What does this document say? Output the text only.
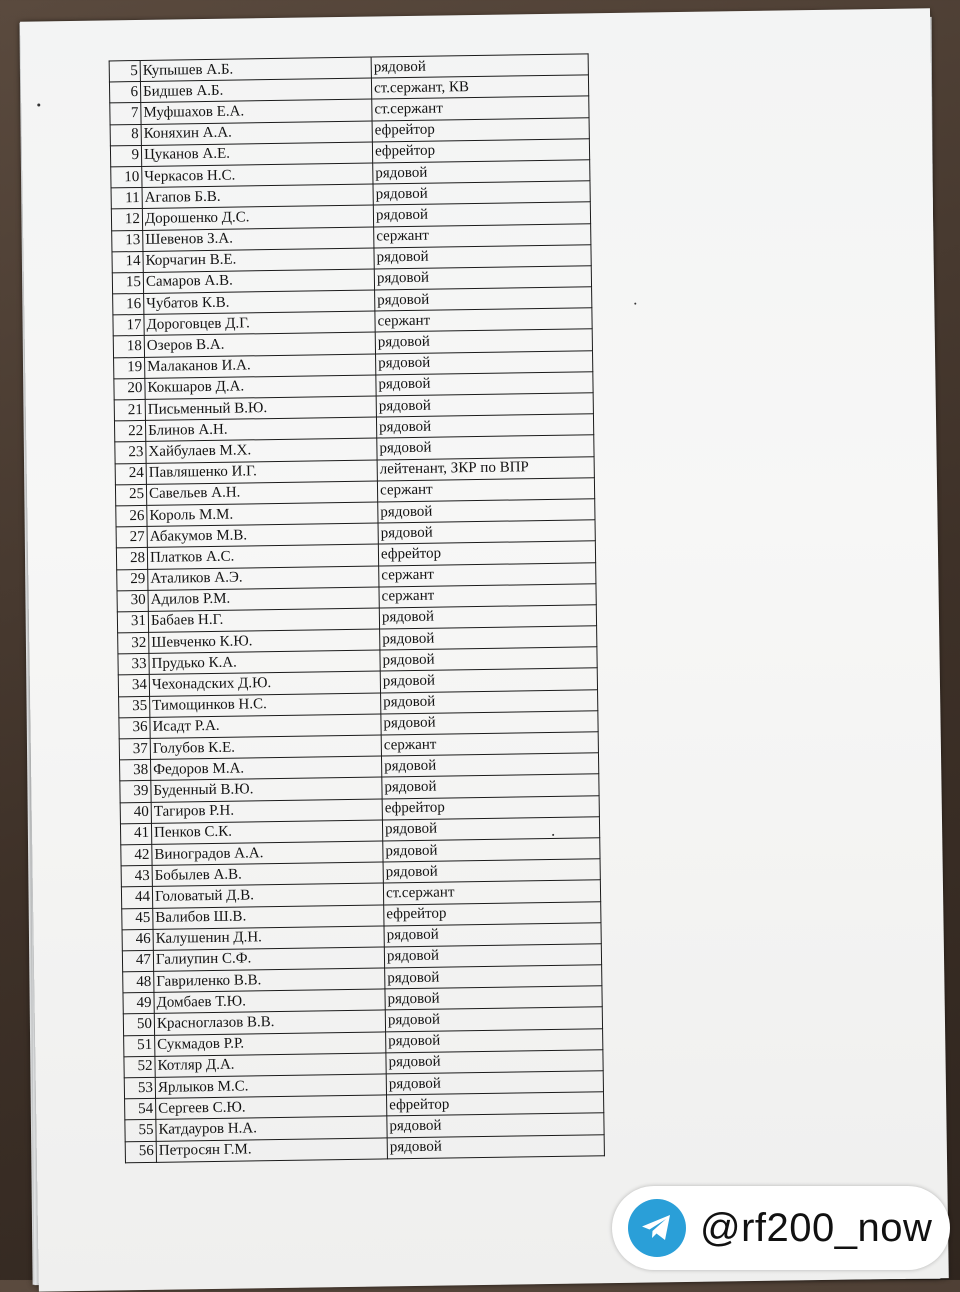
5	Купышев А.Б.	рядовой
6	Бидшев А.Б.	ст.сержант, КВ
7	Муфшахов Е.А.	ст.сержант
8	Коняхин А.А.	ефрейтор
9	Цуканов А.Е.	ефрейтор
10	Черкасов Н.С.	рядовой
11	Агапов Б.В.	рядовой
12	Дорошенко Д.С.	рядовой
13	Шевенов З.А.	сержант
14	Корчагин В.Е.	рядовой
15	Самаров А.В.	рядовой
16	Чубатов К.В.	рядовой
17	Дороговцев Д.Г.	сержант
18	Озеров В.А.	рядовой
19	Малаканов И.А.	рядовой
20	Кокшаров Д.А.	рядовой
21	Письменный В.Ю.	рядовой
22	Блинов А.Н.	рядовой
23	Хайбулаев М.Х.	рядовой
24	Павляшенко И.Г.	лейтенант, ЗКР по ВПР
25	Савельев А.Н.	сержант
26	Король М.М.	рядовой
27	Абакумов М.В.	рядовой
28	Платков А.С.	ефрейтор
29	Аталиков А.Э.	сержант
30	Адилов Р.М.	сержант
31	Бабаев Н.Г.	рядовой
32	Шевченко К.Ю.	рядовой
33	Прудько К.А.	рядовой
34	Чехонадских Д.Ю.	рядовой
35	Тимощинков Н.С.	рядовой
36	Исадт Р.А.	рядовой
37	Голубов К.Е.	сержант
38	Федоров М.А.	рядовой
39	Буденный В.Ю.	рядовой
40	Тагиров Р.Н.	ефрейтор
41	Пенков С.К.	рядовой
42	Виноградов А.А.	рядовой
43	Бобылев А.В.	рядовой
44	Головатый Д.В.	ст.сержант
45	Валибов Ш.В.	ефрейтор
46	Калушенин Д.Н.	рядовой
47	Галиупин С.Ф.	рядовой
48	Гавриленко В.В.	рядовой
49	Домбаев Т.Ю.	рядовой
50	Красноглазов В.В.	рядовой
51	Сукмадов Р.Р.	рядовой
52	Котляр Д.А.	рядовой
53	Ярлыков М.С.	рядовой
54	Сергеев С.Ю.	ефрейтор
55	Катдауров Н.А.	рядовой
56	Петросян Г.М.	рядовой
@rf200_now
